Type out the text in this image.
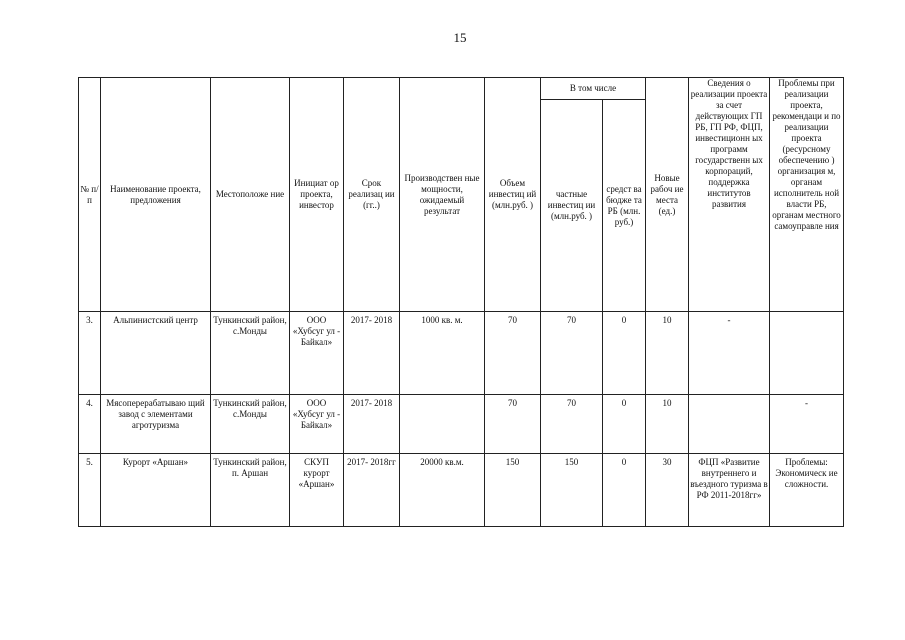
15
№ п/п	Наименование проекта, предложения	Местоположе ние	Инициат ор проекта, инвестор	Срок реализац ии (гг..)	Производствен ные мощности, ожидаемый результат	Объем инвестиц ий (млн.руб. )	В том числе		Новые рабоч ие места (ед.)	Сведения о реализации проекта за счет действующих ГП РБ, ГП РФ, ФЦП, инвестиционн ых программ государственн ых корпораций, поддержка институтов развития	Проблемы при реализации проекта, рекомендаци и по реализации проекта (ресурсному обеспечению ) организация м, органам исполнитель ной власти РБ, органам местного самоуправле ния
							частные инвестиц ии (млн.руб. )	средст ва бюдже та РБ (млн. руб.)			
3.	Альпинистский центр	Тункинский район, с.Монды	ООО «Хубсуг ул - Байкал»	2017- 2018	1000 кв. м.	70	70	0	10	-	
4.	Мясоперерабатываю щий завод с элементами агротуризма	Тункинский район, с.Монды	ООО «Хубсуг ул - Байкал»	2017- 2018		70	70	0	10		-
5.	Курорт «Аршан»	Тункинский район, п. Аршан	СКУП курорт «Аршан»	2017- 2018гг	20000 кв.м.	150	150	0	30	ФЦП «Развитие внутреннего и въездного туризма в РФ 2011-2018гг»	Проблемы: Экономическ ие сложности.
